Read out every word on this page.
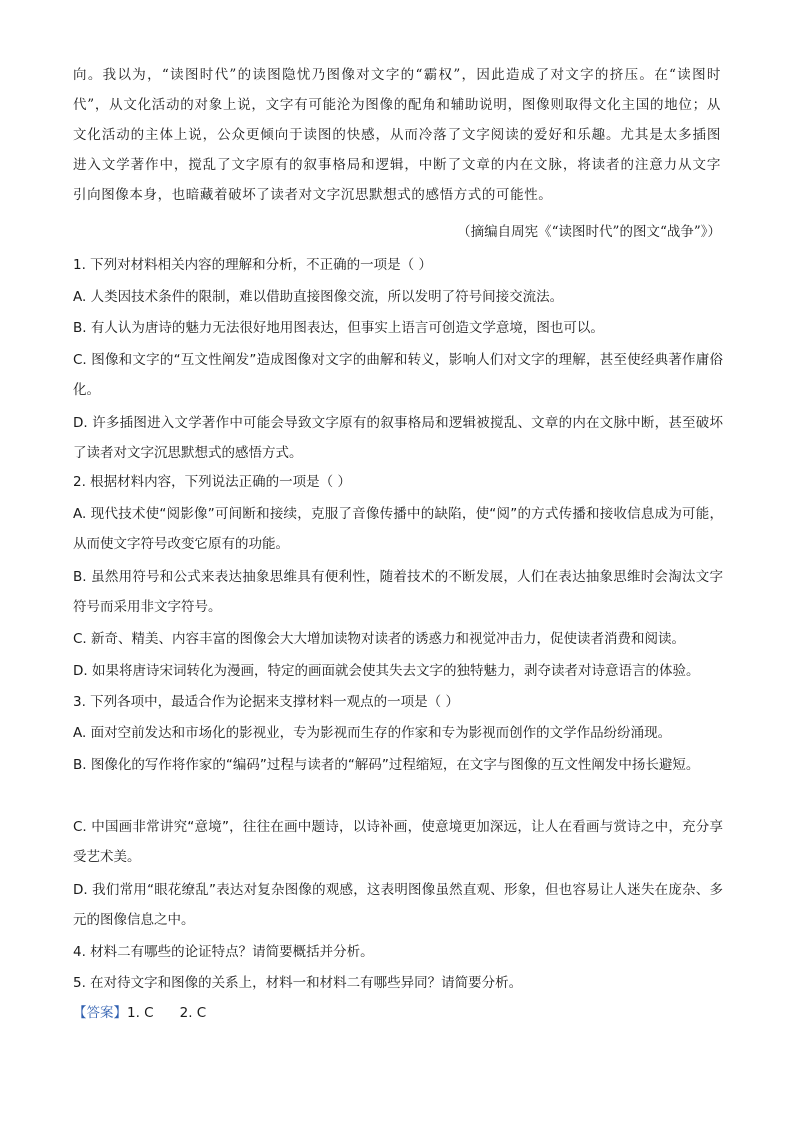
向。我以为，“读图时代”的读图隐忧乃图像对文字的“霸权”，因此造成了对文字的挤压。在“读图时代”，从文化活动的对象上说，文字有可能沦为图像的配角和辅助说明，图像则取得文化主国的地位；从文化活动的主体上说，公众更倾向于读图的快感，从而冷落了文字阅读的爱好和乐趣。尤其是太多插图进入文学著作中，搅乱了文字原有的叙事格局和逻辑，中断了文章的内在文脉，将读者的注意力从文字引向图像本身，也暗藏着破坏了读者对文字沉思默想式的感悟方式的可能性。

（摘编自周宪《“读图时代”的图文“战争”》）
1. 下列对材料相关内容的理解和分析，不正确的一项是（ ）
A. 人类因技术条件的限制，难以借助直接图像交流，所以发明了符号间接交流法。
B. 有人认为唐诗的魅力无法很好地用图表达，但事实上语言可创造文学意境，图也可以。
C. 图像和文字的“互文性阐发”造成图像对文字的曲解和转义，影响人们对文字的理解，甚至使经典著作庸俗化。
D. 许多插图进入文学著作中可能会导致文字原有的叙事格局和逻辑被搅乱、文章的内在文脉中断，甚至破坏了读者对文字沉思默想式的感悟方式。
2. 根据材料内容，下列说法正确的一项是（ ）
A. 现代技术使“阅影像”可间断和接续，克服了音像传播中的缺陷，使“阅”的方式传播和接收信息成为可能，从而使文字符号改变它原有的功能。
B. 虽然用符号和公式来表达抽象思维具有便利性，随着技术的不断发展，人们在表达抽象思维时会淘汰文字符号而采用非文字符号。
C. 新奇、精美、内容丰富的图像会大大增加读物对读者的诱惑力和视觉冲击力，促使读者消费和阅读。
D. 如果将唐诗宋词转化为漫画，特定的画面就会使其失去文字的独特魅力，剥夺读者对诗意语言的体验。
3. 下列各项中，最适合作为论据来支撑材料一观点的一项是（ ）
A. 面对空前发达和市场化的影视业，专为影视而生存的作家和专为影视而创作的文学作品纷纷涌现。
B. 图像化的写作将作家的“编码”过程与读者的“解码”过程缩短，在文字与图像的互文性阐发中扬长避短。
C. 中国画非常讲究“意境”，往往在画中题诗，以诗补画，使意境更加深远，让人在看画与赏诗之中，充分享受艺术美。
D. 我们常用“眼花缭乱”表达对复杂图像的观感，这表明图像虽然直观、形象，但也容易让人迷失在庞杂、多元的图像信息之中。
4. 材料二有哪些的论证特点？请简要概括并分析。
5. 在对待文字和图像的关系上，材料一和材料二有哪些异同？请简要分析。
【答案】1. C 2. C
